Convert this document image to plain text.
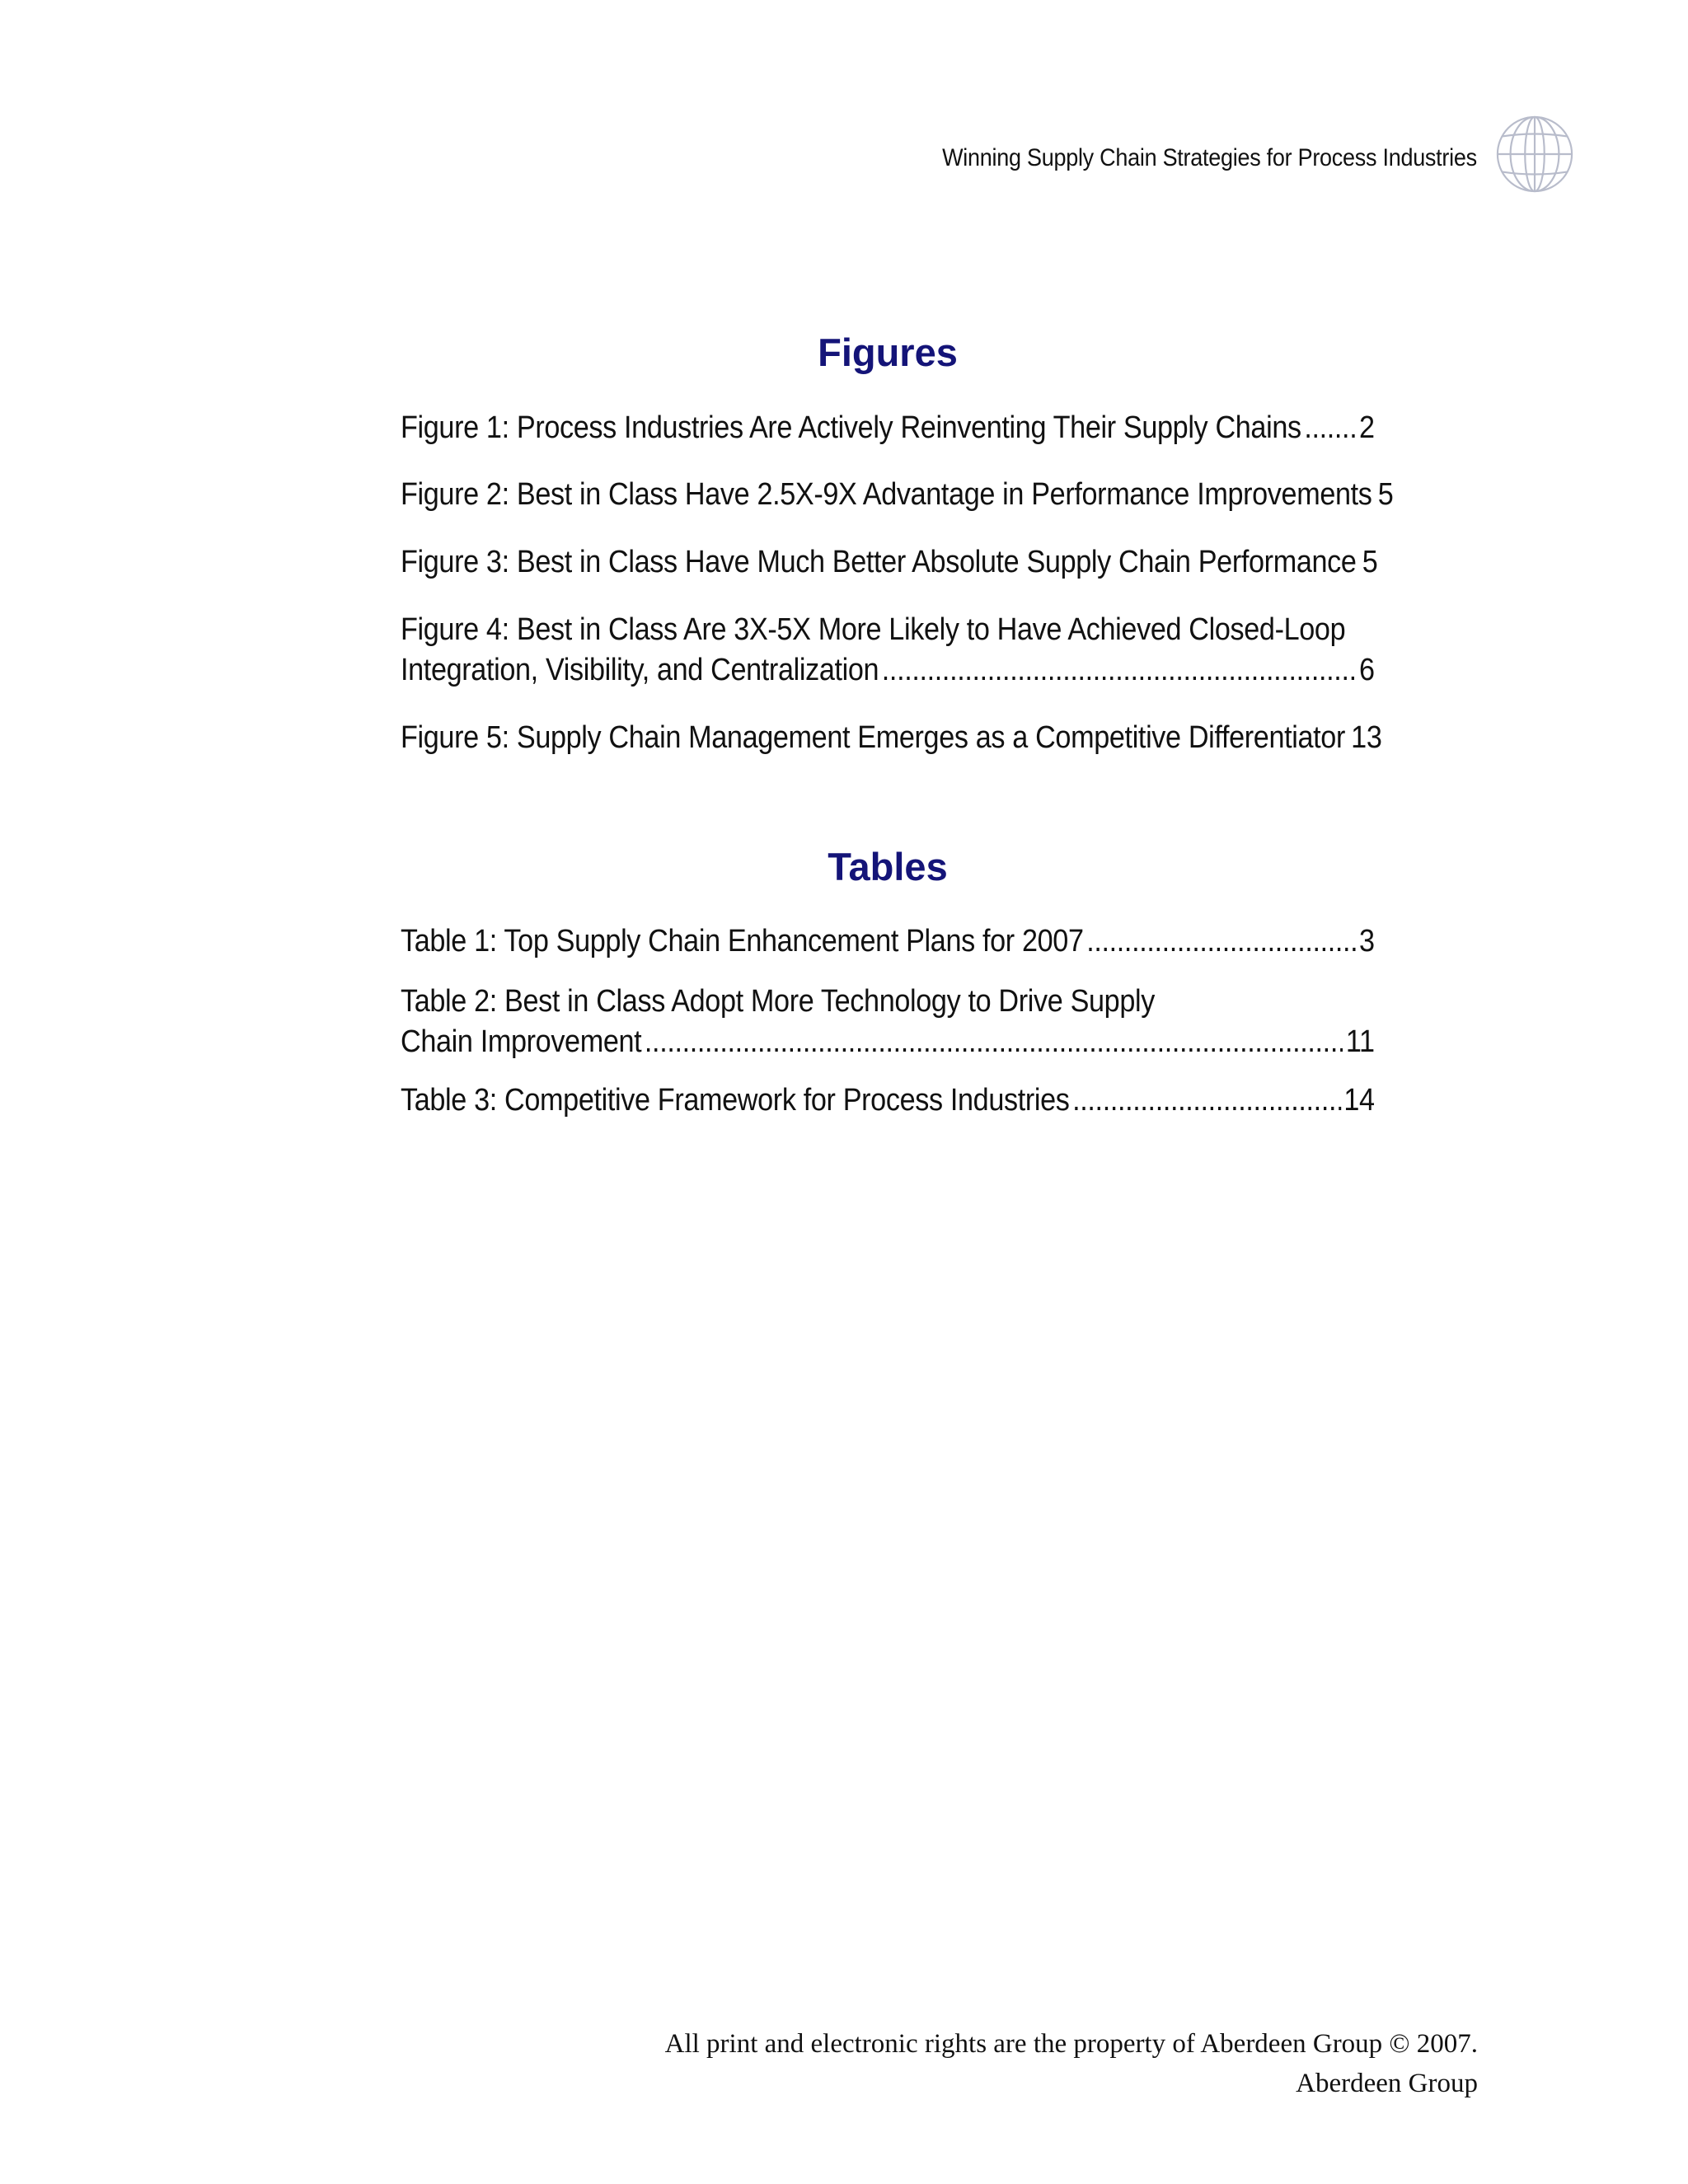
Winning Supply Chain Strategies for Process Industries
Figures
Figure 1: Process Industries Are Actively Reinventing Their Supply Chains ..... 2
Figure 2: Best in Class Have 2.5X-9X Advantage in Performance Improvements 5
Figure 3: Best in Class Have Much Better Absolute Supply Chain Performance 5
Figure 4: Best in Class Are 3X-5X More Likely to Have Achieved Closed-Loop
Integration, Visibility, and Centralization .....	6
Figure 5: Supply Chain Management Emerges as a Competitive Differentiator 13
Tables
Table 1: Top Supply Chain Enhancement Plans for 2007 .....	3
Table 2: Best in Class Adopt More Technology to Drive Supply
Chain Improvement .....	11
Table 3: Competitive Framework for Process Industries .....	14
All print and electronic rights are the property of Aberdeen Group © 2007.
Aberdeen Group
